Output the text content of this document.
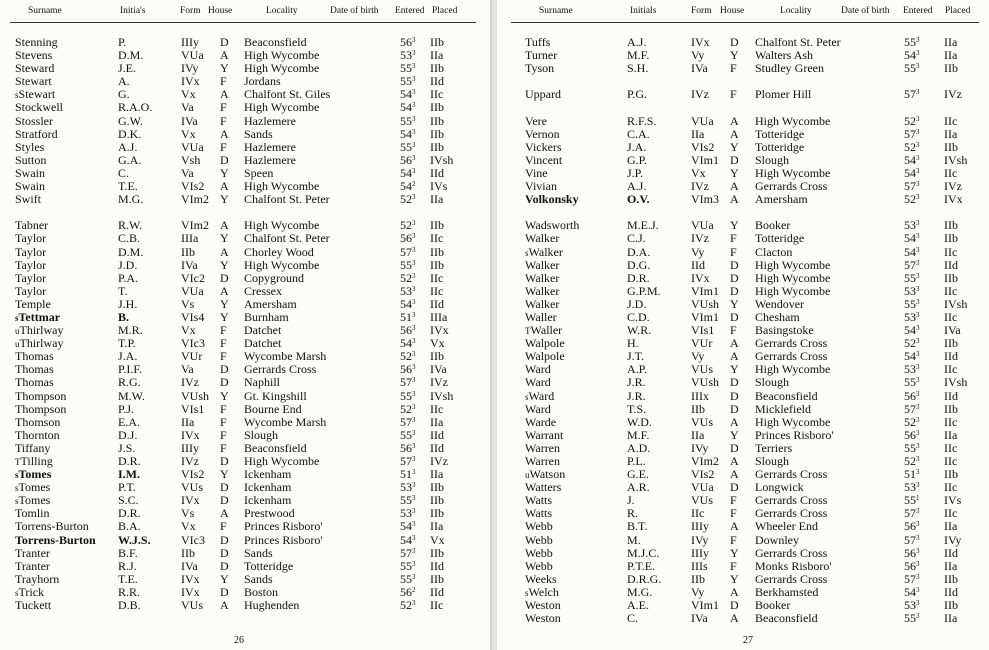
Surname	Initia's	Form House	Locality	Date of birth Entered Placed
Stenning	P.	IIIy D Beaconsfield	$56^3$ IIb
Stevens	D.M.	VUa A High Wycombe	$53^3$ IIa
Steward	J.E.	IVy Y High Wycombe	$55^3$ IIb
Stewart	A.	IVx F Jordans	$55^3$ IId
sStewart	G.	Vx A Chalfont St. Giles	$54^3$ IIc
Stockwell	R.A.O. Va F High Wycombe	$54^3$ IIb
Stossler	G.W.	IVa F Hazlemere	$55^3$ IIb
Stratford	D.K.	Vx A Sands	$54^3$ IIb
Styles	A.J.	VUa F Hazlemere	$55^3$ IIb
Sutton	G.A.	Vsh D Hazlemere	$56^3$ IVsh
Swain	C.	Va Y Speen	$54^3$ IId
Swain	T.E.	VIs2 A High Wycombe	$54^2$ IVs
Swift	M.G.	VIm2 Y Chalfont St. Peter	$52^3$ IIa
Tabner	R.W.	VIm2 A High Wycombe	$52^3$ IIb
Taylor	C.B.	IIIa Y Chalfont St. Peter	$56^3$ IIc
Taylor	D.M.	IIb A Chorley Wood	$57^3$ IIb
Taylor	J.D.	IVa Y High Wycombe	$55^3$ IIb
Taylor	P.A.	VIc2 D Copyground	$52^3$ IIc
Taylor	T.	VUa A Cressex	$53^3$ IIc
Temple	J.H.	Vs Y Amersham	$54^3$ IId
sTettmar	B.	VIs4 Y Burnham	$51^3$ IIIa
uThirlway	M.R.	Vx F Datchet	$56^3$ IVx
uThirlway	T.P.	VIc3 F Datchet	$54^3$ Vx
Thomas	J.A.	VUr F Wycombe Marsh	$52^3$ IIb
Thomas	P.I.F.	Va D Gerrards Cross	$56^3$ IVa
Thomas	R.G.	IVz D Naphill	$57^3$ IVz
Thompson	M.W.	VUsh Y Gt. Kingshill	$55^3$ IVsh
Thompson	P.J.	VIs1 F Bourne End	$52^3$ IIc
Thomson	E.A.	IIa F Wycombe Marsh	$57^3$ IIa
Thornton	D.J.	IVx F Slough	$55^3$ IId
Tiffany	J.S.	IIIy F Beaconsfield	$56^3$ IId
TTilling	D.R.	IVz D High Wycombe	$57^3$ IVz
sTomes	I.M.	VIs2 Y Ickenham	$51^3$ IIa
sTomes	P.T.	VUs D Ickenham	$53^3$ IIb
sTomes	S.C.	IVx D Ickenham	$55^3$ IIb
Tomlin	D.R.	Vs A Prestwood	$53^3$ IIb
Torrens-Burton B.A.	Vx F Princes Risboro'	$54^3$ IIa
Torrens-Burton W.J.S.	VIc3 D Princes Risboro'	$54^3$ Vx
Tranter	B.F.	IIb D Sands	$57^3$ IIb
Tranter	R.J.	IVa D Totteridge	$55^3$ IId
Trayhorn	T.E.	IVx Y Sands	$55^3$ IIb
sTrick	R.R.	IVx D Boston	$56^2$ IId
Tuckett	D.B.	VUs A Hughenden	$52^3$ IIc
26
Surname	Initials	Form House	Locality	Date of birth Entered Placed
Tuffs	A.J.	IVx D Chalfont St. Peter	$55^3$ IIa
Turner	M.F.	Vy Y Walters Ash	$54^3$ IIa
Tyson	S.H.	IVa F Studley Green	$55^3$ IIb
Uppard	P.G.	IVz F Plomer Hill	$57^3$ IVz
Vere	R.F.S.	VUa A High Wycombe	$52^3$ IIc
Vernon	C.A.	IIa A Totteridge	$57^3$ IIa
Vickers	J.A.	VIs2 Y Totteridge	$52^3$ IIb
Vincent	G.P.	VIm1 D Slough	$54^3$ IVsh
Vine	J.P.	Vx Y High Wycombe	$54^3$ IIc
Vivian	A.J.	IVz A Gerrards Cross	$57^3$ IVz
Volkonsky	O.V.	VIm3 A Amersham	$52^3$ IVx
Wadsworth	M.E.J.	VUa Y Booker	$53^3$ IIb
Walker	C.J.	IVz F Totteridge	$54^3$ IIb
sWalker	D.A.	Vy F Clacton	$54^3$ IIc
Walker	D.G.	IId D High Wycombe	$57^3$ IId
Walker	D.R.	IVx D High Wycombe	$55^3$ IIb
Walker	G.P.M.	VIm1 D High Wycombe	$53^3$ IIc
Walker	J.D.	VUsh Y Wendover	$55^3$ IVsh
Waller	C.D.	VIm1 D Chesham	$53^3$ IIc
TWaller	W.R.	VIs1 F Basingstoke	$54^3$ IVa
Walpole	H.	VUr A Gerrards Cross	$52^3$ IIb
Walpole	J.T.	Vy A Gerrards Cross	$54^3$ IId
Ward	A.P.	VUs Y High Wycombe	$53^3$ IIc
Ward	J.R.	VUsh D Slough	$55^3$ IVsh
sWard	J.R.	IIIx D Beaconsfield	$56^3$ IId
Ward	T.S.	IIb D Micklefield	$57^3$ IIb
Warde	W.D.	VUs A High Wycombe	$52^3$ IIc
Warrant	M.F.	IIa Y Princes Risboro'	$56^3$ IIa
Warren	A.D.	IVy D Terriers	$55^3$ IIc
Warren	P.L.	VIm2 A Slough	$52^3$ IIc
uWatson	G.E.	VIs2 A Gerrards Cross	$51^3$ IIb
Watters	A.R.	VUa D Longwick	$53^3$ IIc
Watts	J.	VUs F Gerrards Cross	$55^1$ IVs
Watts	R.	IIc F Gerrards Cross	$57^3$ IIc
Webb	B.T.	IIIy A Wheeler End	$56^3$ IIa
Webb	M.	IVy F Downley	$57^3$ IVy
Webb	M.J.C.	IIIy Y Gerrards Cross	$56^3$ IId
Webb	P.T.E.	IIIs F Monks Risboro'	$56^3$ IIa
Weeks	D.R.G. IIb Y Gerrards Cross	$57^3$ IIb
sWelch	M.G.	Vy A Berkhamsted	$54^3$ IId
Weston	A.E.	VIm1 D Booker	$53^3$ IIb
Weston	C.	IVa A Beaconsfield	$55^3$ IIa
27
